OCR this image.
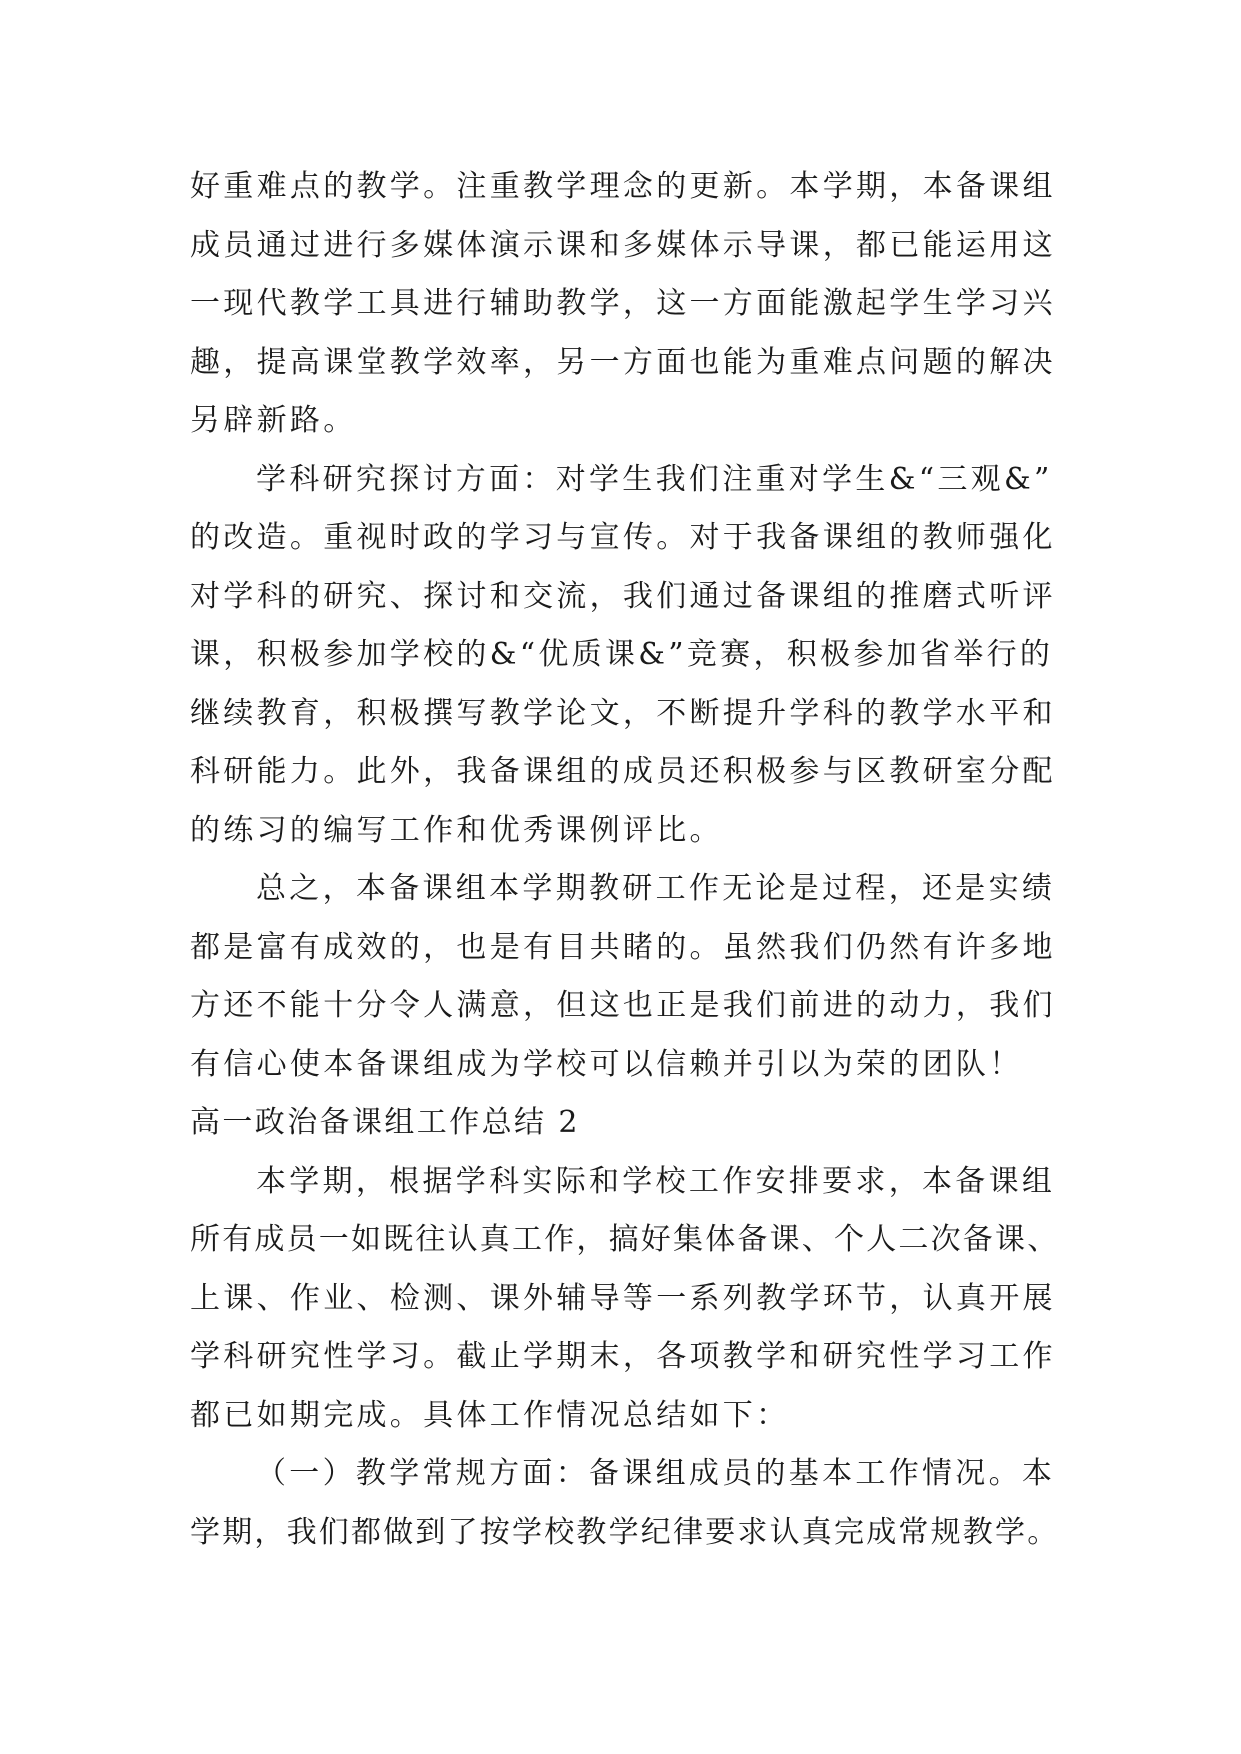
好重难点的教学。注重教学理念的更新。本学期，本备课组
成员通过进行多媒体演示课和多媒体示导课，都已能运用这
一现代教学工具进行辅助教学，这一方面能激起学生学习兴
趣，提高课堂教学效率，另一方面也能为重难点问题的解决
另辟新路。
学科研究探讨方面：对学生我们注重对学生&“三观&”
的改造。重视时政的学习与宣传。对于我备课组的教师强化
对学科的研究、探讨和交流，我们通过备课组的推磨式听评
课，积极参加学校的&“优质课&”竞赛，积极参加省举行的
继续教育，积极撰写教学论文，不断提升学科的教学水平和
科研能力。此外，我备课组的成员还积极参与区教研室分配
的练习的编写工作和优秀课例评比。
总之，本备课组本学期教研工作无论是过程，还是实绩
都是富有成效的，也是有目共睹的。虽然我们仍然有许多地
方还不能十分令人满意，但这也正是我们前进的动力，我们
有信心使本备课组成为学校可以信赖并引以为荣的团队！
高一政治备课组工作总结 2
本学期，根据学科实际和学校工作安排要求，本备课组
所有成员一如既往认真工作，搞好集体备课、个人二次备课、
上课、作业、检测、课外辅导等一系列教学环节，认真开展
学科研究性学习。截止学期末，各项教学和研究性学习工作
都已如期完成。具体工作情况总结如下：
（一）教学常规方面：备课组成员的基本工作情况。本
学期，我们都做到了按学校教学纪律要求认真完成常规教学。
